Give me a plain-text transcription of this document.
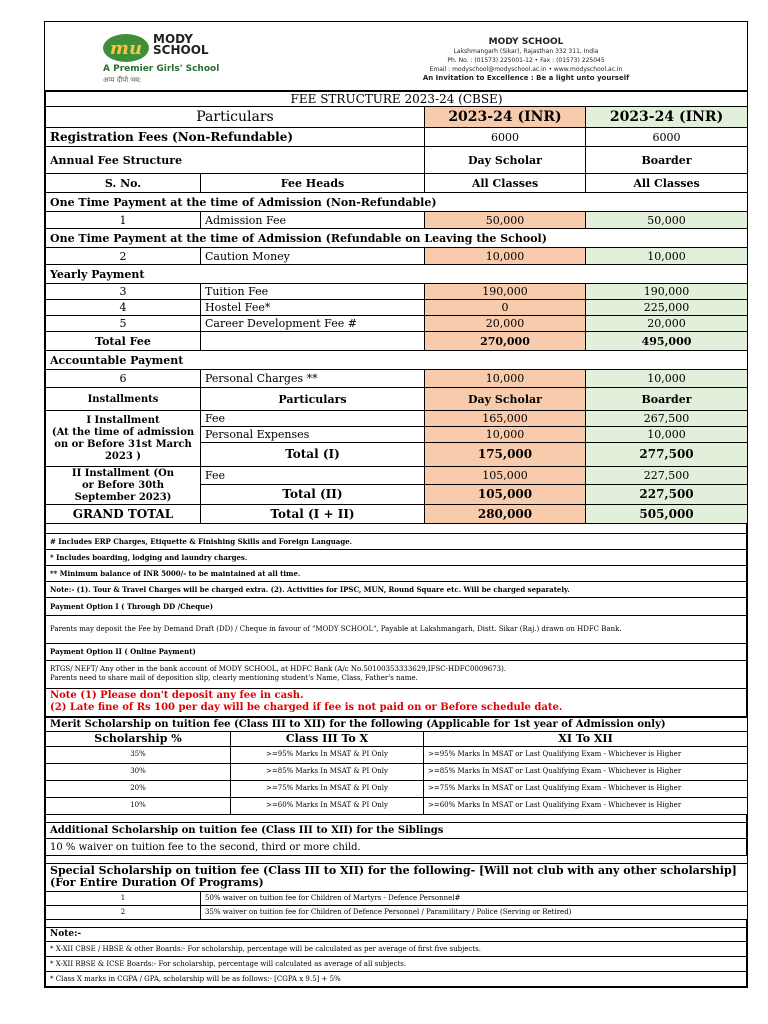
mu MODY
SCHOOL
A Premier Girls' School
अप्प दीपो भव:
MODY SCHOOL
Lakshmangarh (Sikar), Rajasthan 332 311, India
Ph. No. : (01573) 225001-12 • Fax : (01573) 225045
Email : modyschool@modyschool.ac.in • www.modyschool.ac.in
An Invitation to Excellence : Be a light unto yourself
FEE STRUCTURE 2023-24 (CBSE)			
Particulars		2023-24 (INR)	2023-24 (INR)
Registration Fees (Non-Refundable)		6000	6000
Annual Fee Structure		Day Scholar	Boarder
S. No.	Fee Heads	All Classes	All Classes
One Time Payment at the time of Admission (Non-Refundable)			
1	Admission Fee	50,000	50,000
One Time Payment at the time of Admission (Refundable on Leaving the School)			
2	Caution Money	10,000	10,000
Yearly Payment			
3	Tuition Fee	190,000	190,000
4	Hostel Fee*	0	225,000
5	Career Development Fee #	20,000	20,000
Total Fee		270,000	495,000
Accountable Payment			
6	Personal Charges **	10,000	10,000
Installments	Particulars	Day Scholar	Boarder

I Installment
(At the time of admission
on or Before 31st March
2023 )	Fee	165,000	267,500
	Personal Expenses	10,000	10,000
	Total (I)	175,000	277,500

II Installment (On
or Before 30th
September 2023)	Fee	105,000	227,500
	Total (II)	105,000	227,500
GRAND TOTAL	Total (I + II)	280,000	505,000

# Includes ERP Charges, Etiquette & Finishing Skills and Foreign Language.
* Includes boarding, lodging and laundry charges.
** Minimum balance of INR 5000/- to be maintained at all time.
Note:- (1). Tour & Travel Charges will be charged extra. (2). Activities for IPSC, MUN, Round Square etc. Will be charged separately.
Payment Option I ( Through DD /Cheque)
Parents may deposit the Fee by Demand Draft (DD) / Cheque in favour of "MODY SCHOOL", Payable at Lakshmangarh, Distt. Sikar (Raj.) drawn on HDFC Bank.
Payment Option II ( Online Payment)

RTGS/ NEFT/ Any other in the bank account of MODY SCHOOL, at HDFC Bank (A/c No.50100353333629,IFSC-HDFC0009673).
Parents need to share mail of deposition slip, clearly mentioning student's Name, Class, Father's name.

Note (1) Please don't deposit any fee in cash.
(2) Late fine of Rs 100 per day will be charged if fee is not paid on or Before schedule date.
Merit Scholarship on tuition fee (Class III to XII) for the following (Applicable for 1st year of Admission only)		
Scholarship %	Class III To X	XI To XII
35%	>=95% Marks In MSAT & PI Only	>=95% Marks In MSAT or Last Qualifying Exam - Whichever is Higher
30%	>=85% Marks In MSAT & PI Only	>=85% Marks In MSAT or Last Qualifying Exam - Whichever is Higher
20%	>=75% Marks In MSAT & PI Only	>=75% Marks In MSAT or Last Qualifying Exam - Whichever is Higher
10%	>=60% Marks In MSAT & PI Only	>=60% Marks In MSAT or Last Qualifying Exam - Whichever is Higher

Additional Scholarship on tuition fee (Class III to XII) for the Siblings
10 % waiver on tuition fee to the second, third or more child.

Special Scholarship on tuition fee (Class III to XII) for the following- [Will not club with any other scholarship]
(For Entire Duration Of Programs)	

1	50% waiver on tuition fee for Children of Martyrs - Defence Personnel#
2	35% waiver on tuition fee for Children of Defence Personnel / Paramilitary / Police (Serving or Retired)

Note:-
* X-XII CBSE / HBSE & other Boards:- For scholarship, percentage will be calculated as per average of first five subjects.
* X-XII RBSE & ICSE Boards:- For scholarship, percentage will calculated as average of all subjects.
* Class X marks in CGPA / GPA, scholarship will be as follows:- [CGPA x 9.5] + 5%
